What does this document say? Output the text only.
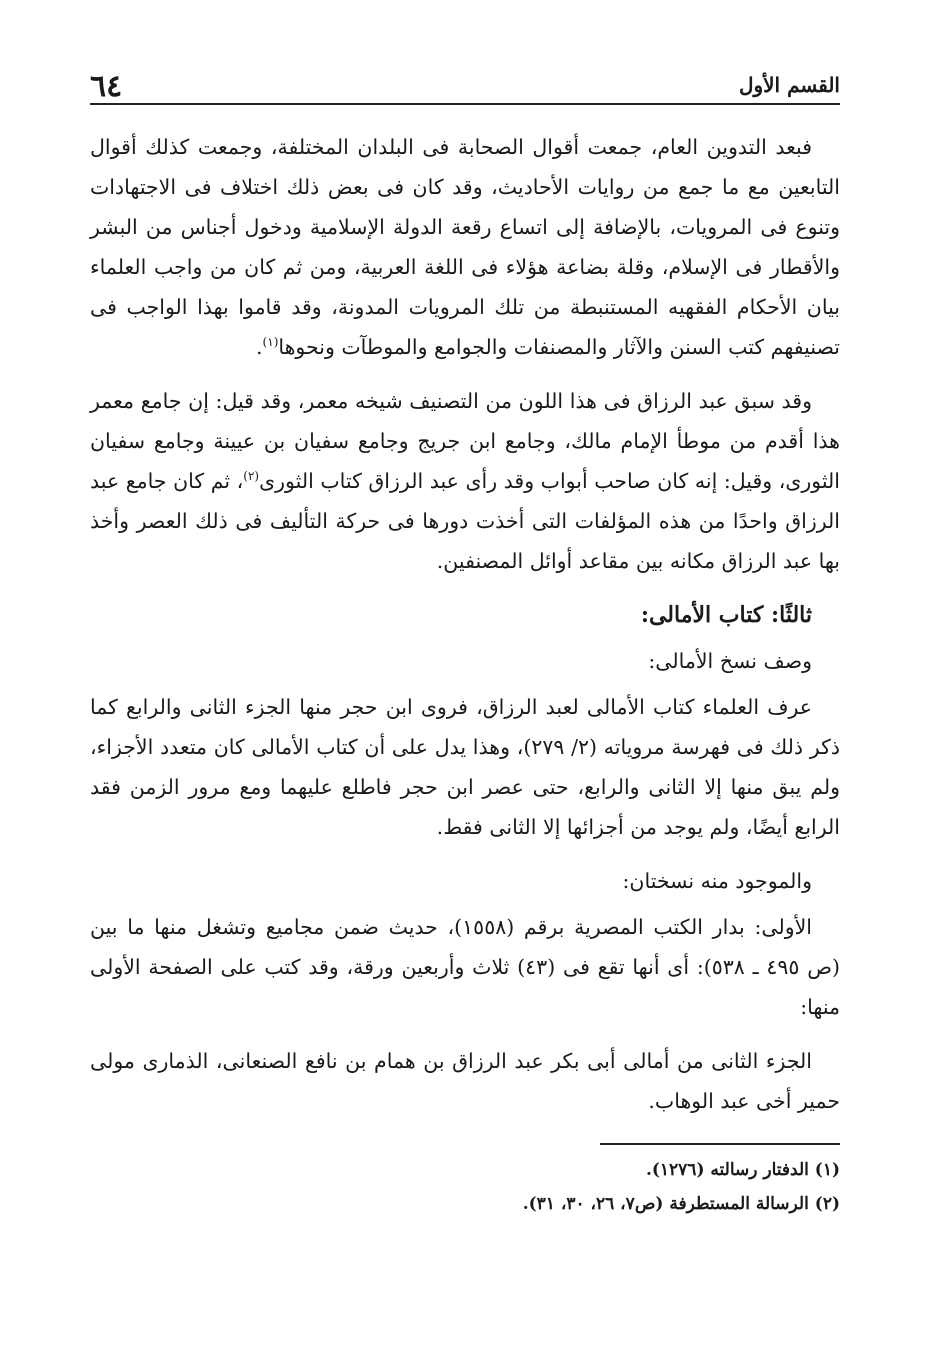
القسم الأول
٦٤

فبعد التدوين العام، جمعت أقوال الصحابة فى البلدان المختلفة، وجمعت كذلك أقوال التابعين مع ما جمع من روايات الأحاديث، وقد كان فى بعض ذلك اختلاف فى الاجتهادات وتنوع فى المرويات، بالإضافة إلى اتساع رقعة الدولة الإسلامية ودخول أجناس من البشر والأقطار فى الإسلام، وقلة بضاعة هؤلاء فى اللغة العربية، ومن ثم كان من واجب العلماء بيان الأحكام الفقهيه المستنبطة من تلك المرويات المدونة، وقد قاموا بهذا الواجب فى تصنيفهم كتب السنن والآثار والمصنفات والجوامع والموطآت ونحوها$^{(١)}$.

وقد سبق عبد الرزاق فى هذا اللون من التصنيف شيخه معمر، وقد قيل: إن جامع معمر هذا أقدم من موطأ الإمام مالك، وجامع ابن جريج وجامع سفيان بن عيينة وجامع سفيان الثورى، وقيل: إنه كان صاحب أبواب وقد رأى عبد الرزاق كتاب الثورى$^{(٢)}$، ثم كان جامع عبد الرزاق واحدًا من هذه المؤلفات التى أخذت دورها فى حركة التأليف فى ذلك العصر وأخذ بها عبد الرزاق مكانه بين مقاعد أوائل المصنفين.

ثالثًا: كتاب الأمالى:

وصف نسخ الأمالى:

عرف العلماء كتاب الأمالى لعبد الرزاق، فروى ابن حجر منها الجزء الثانى والرابع كما ذكر ذلك فى فهرسة مروياته (٢/ ٢٧٩)، وهذا يدل على أن كتاب الأمالى كان متعدد الأجزاء، ولم يبق منها إلا الثانى والرابع، حتى عصر ابن حجر فاطلع عليهما ومع مرور الزمن فقد الرابع أيضًا، ولم يوجد من أجزائها إلا الثانى فقط.

والموجود منه نسختان:

الأولى: بدار الكتب المصرية برقم (١٥٥٨)، حديث ضمن مجاميع وتشغل منها ما بين (ص ٤٩٥ ـ ٥٣٨): أى أنها تقع فى (٤٣) ثلاث وأربعين ورقة، وقد كتب على الصفحة الأولى منها:

الجزء الثانى من أمالى أبى بكر عبد الرزاق بن همام بن نافع الصنعانى، الذمارى مولى حمير أخى عبد الوهاب.

(١) الدفتار رسالته (١٢٧٦).
(٢) الرسالة المستطرفة (ص٧، ٢٦، ٣٠، ٣١).
